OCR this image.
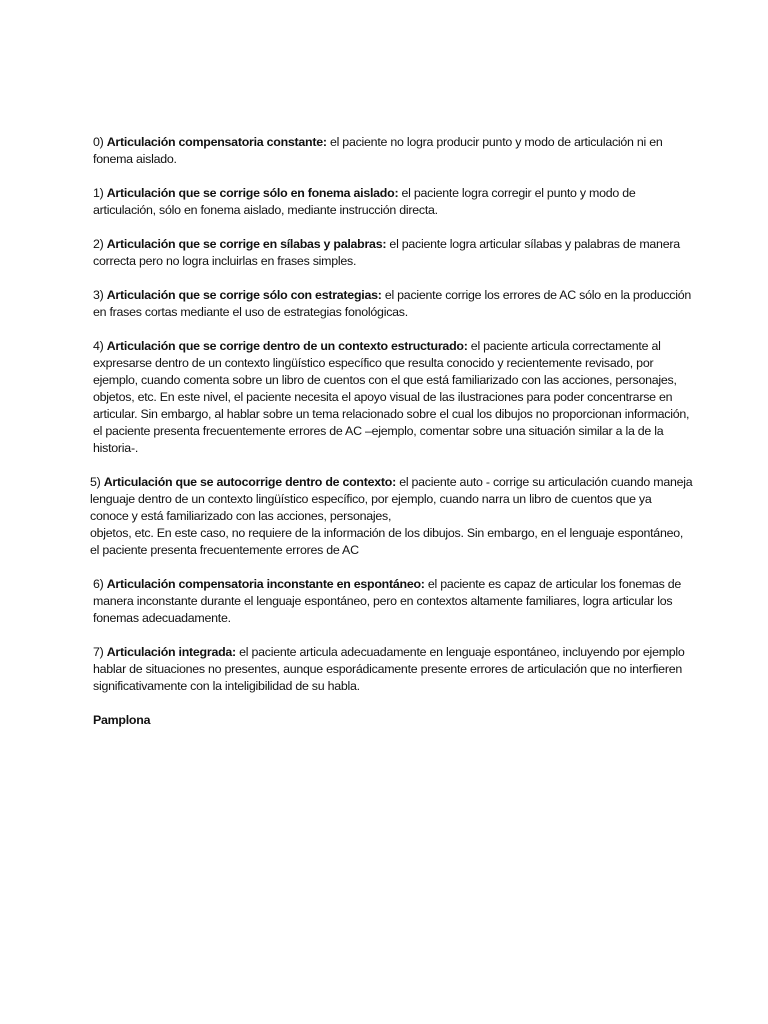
0) Articulación compensatoria constante: el paciente no logra producir punto y modo de articulación ni en fonema aislado.

1) Articulación que se corrige sólo en fonema aislado: el paciente logra corregir el punto y modo de articulación, sólo en fonema aislado, mediante instrucción directa.

2) Articulación que se corrige en sílabas y palabras: el paciente logra articular sílabas y palabras de manera correcta pero no logra incluirlas en frases simples.

3) Articulación que se corrige sólo con estrategias: el paciente corrige los errores de AC sólo en la producción en frases cortas mediante el uso de estrategias fonológicas.

4) Articulación que se corrige dentro de un contexto estructurado: el paciente articula correctamente al expresarse dentro de un contexto lingüístico específico que resulta conocido y recientemente revisado, por ejemplo, cuando comenta sobre un libro de cuentos con el que está familiarizado con las acciones, personajes, objetos, etc. En este nivel, el paciente necesita el apoyo visual de las ilustraciones para poder concentrarse en articular. Sin embargo, al hablar sobre un tema relacionado sobre el cual los dibujos no proporcionan información, el paciente presenta frecuentemente errores de AC –ejemplo, comentar sobre una situación similar a la de la historia-.

5) Articulación que se autocorrige dentro de contexto: el paciente auto - corrige su articulación cuando maneja lenguaje dentro de un contexto lingüístico específico, por ejemplo, cuando narra un libro de cuentos que ya conoce y está familiarizado con las acciones, personajes,
objetos, etc. En este caso, no requiere de la información de los dibujos. Sin embargo, en el lenguaje espontáneo, el paciente presenta frecuentemente errores de AC

6) Articulación compensatoria inconstante en espontáneo: el paciente es capaz de articular los fonemas de manera inconstante durante el lenguaje espontáneo, pero en contextos altamente familiares, logra articular los fonemas adecuadamente.

7) Articulación integrada: el paciente articula adecuadamente en lenguaje espontáneo, incluyendo por ejemplo hablar de situaciones no presentes, aunque esporádicamente presente errores de articulación que no interfieren significativamente con la inteligibilidad de su habla.

Pamplona
